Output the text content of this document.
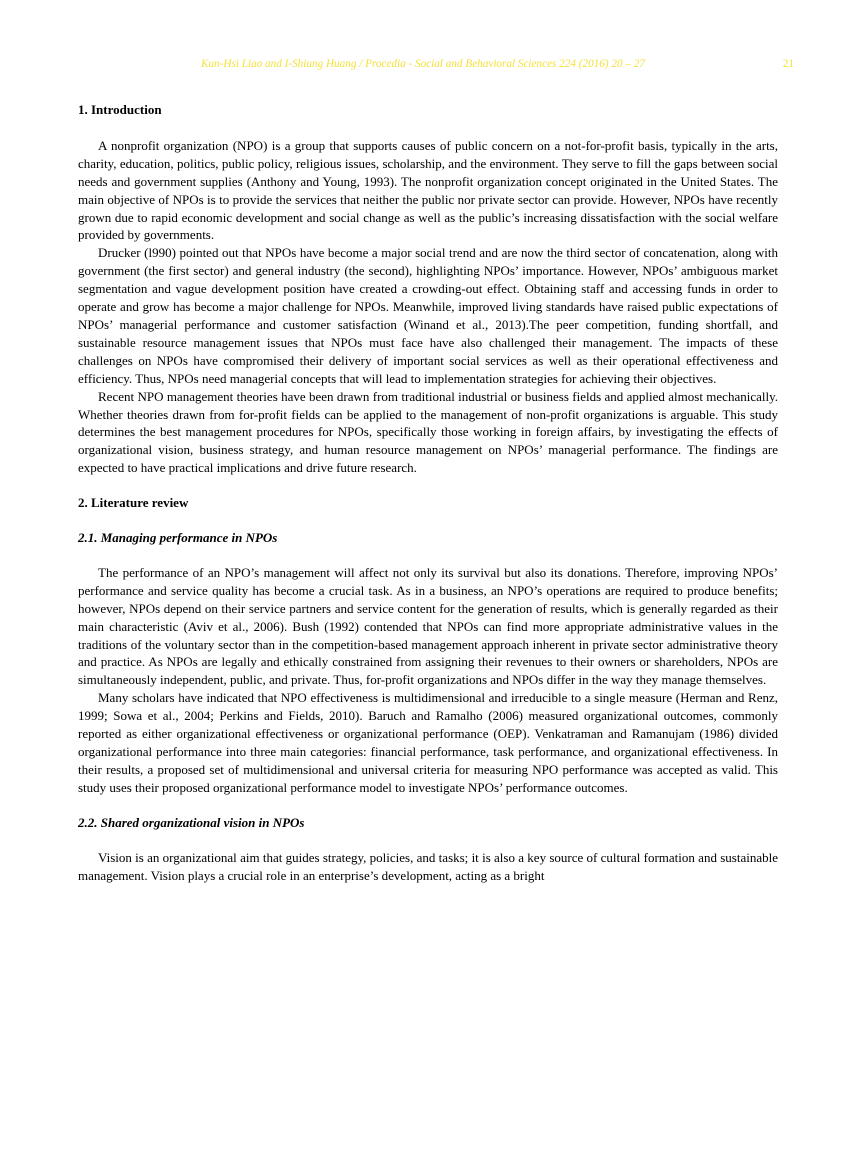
Kun-Hsi Liao and I-Shiung Huang / Procedia - Social and Behavioral Sciences 224 (2016) 20 – 27	21
1. Introduction

A nonprofit organization (NPO) is a group that supports causes of public concern on a not-for-profit basis, typically in the arts, charity, education, politics, public policy, religious issues, scholarship, and the environment. They serve to fill the gaps between social needs and government supplies (Anthony and Young, 1993). The nonprofit organization concept originated in the United States. The main objective of NPOs is to provide the services that neither the public nor private sector can provide. However, NPOs have recently grown due to rapid economic development and social change as well as the public’s increasing dissatisfaction with the social welfare provided by governments.

Drucker (l990) pointed out that NPOs have become a major social trend and are now the third sector of concatenation, along with government (the first sector) and general industry (the second), highlighting NPOs’ importance. However, NPOs’ ambiguous market segmentation and vague development position have created a crowding-out effect. Obtaining staff and accessing funds in order to operate and grow has become a major challenge for NPOs. Meanwhile, improved living standards have raised public expectations of NPOs’ managerial performance and customer satisfaction (Winand et al., 2013).The peer competition, funding shortfall, and sustainable resource management issues that NPOs must face have also challenged their management. The impacts of these challenges on NPOs have compromised their delivery of important social services as well as their operational effectiveness and efficiency. Thus, NPOs need managerial concepts that will lead to implementation strategies for achieving their objectives.

Recent NPO management theories have been drawn from traditional industrial or business fields and applied almost mechanically. Whether theories drawn from for-profit fields can be applied to the management of non-profit organizations is arguable. This study determines the best management procedures for NPOs, specifically those working in foreign affairs, by investigating the effects of organizational vision, business strategy, and human resource management on NPOs’ managerial performance. The findings are expected to have practical implications and drive future research.

2. Literature review
2.1. Managing performance in NPOs

The performance of an NPO’s management will affect not only its survival but also its donations. Therefore, improving NPOs’ performance and service quality has become a crucial task. As in a business, an NPO’s operations are required to produce benefits; however, NPOs depend on their service partners and service content for the generation of results, which is generally regarded as their main characteristic (Aviv et al., 2006). Bush (1992) contended that NPOs can find more appropriate administrative values in the traditions of the voluntary sector than in the competition-based management approach inherent in private sector administrative theory and practice. As NPOs are legally and ethically constrained from assigning their revenues to their owners or shareholders, NPOs are simultaneously independent, public, and private. Thus, for-profit organizations and NPOs differ in the way they manage themselves.

Many scholars have indicated that NPO effectiveness is multidimensional and irreducible to a single measure (Herman and Renz, 1999; Sowa et al., 2004; Perkins and Fields, 2010). Baruch and Ramalho (2006) measured organizational outcomes, commonly reported as either organizational effectiveness or organizational performance (OEP). Venkatraman and Ramanujam (1986) divided organizational performance into three main categories: financial performance, task performance, and organizational effectiveness. In their results, a proposed set of multidimensional and universal criteria for measuring NPO performance was accepted as valid. This study uses their proposed organizational performance model to investigate NPOs’ performance outcomes.

2.2. Shared organizational vision in NPOs

Vision is an organizational aim that guides strategy, policies, and tasks; it is also a key source of cultural formation and sustainable management. Vision plays a crucial role in an enterprise’s development, acting as a bright
